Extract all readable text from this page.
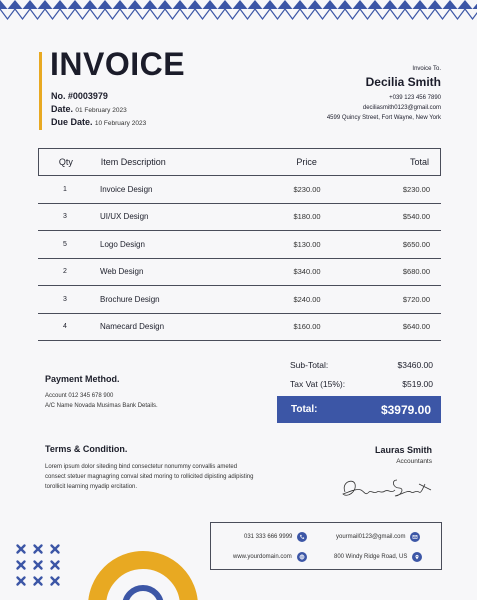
INVOICE
No. #0003979
Date. 01 February 2023
Due Date. 10 February 2023
Invoice To.
Decilia Smith
+039 123 456 7890
deciliasmith0123@gmail.com
4599 Quincy Street, Fort Wayne, New York
Qty	Item Description	Price	Total
1	Invoice Design	$230.00	$230.00
3	UI/UX Design	$180.00	$540.00
5	Logo Design	$130.00	$650.00
2	Web Design	$340.00	$680.00
3	Brochure Design	$240.00	$720.00
4	Namecard Design	$160.00	$640.00
Sub-Total:	$3460.00
Tax Vat (15%):	$519.00
Total:	$3979.00
Payment Method.
Account 012 345 678 900
A/C Name Novada Musimas Bank Details.
Terms & Condition.
Lorem ipsum dolor siteding bind consectetur nonummy convallis ameted consect stetuer magnagring conval sited moring to rollicited dipisting adipisting torollicit learning myadip ercitation.
Lauras Smith
Accountants
031 333 666 9999	yourmail0123@gmail.com
www.yourdomain.com	800 Windy Ridge Road, US
